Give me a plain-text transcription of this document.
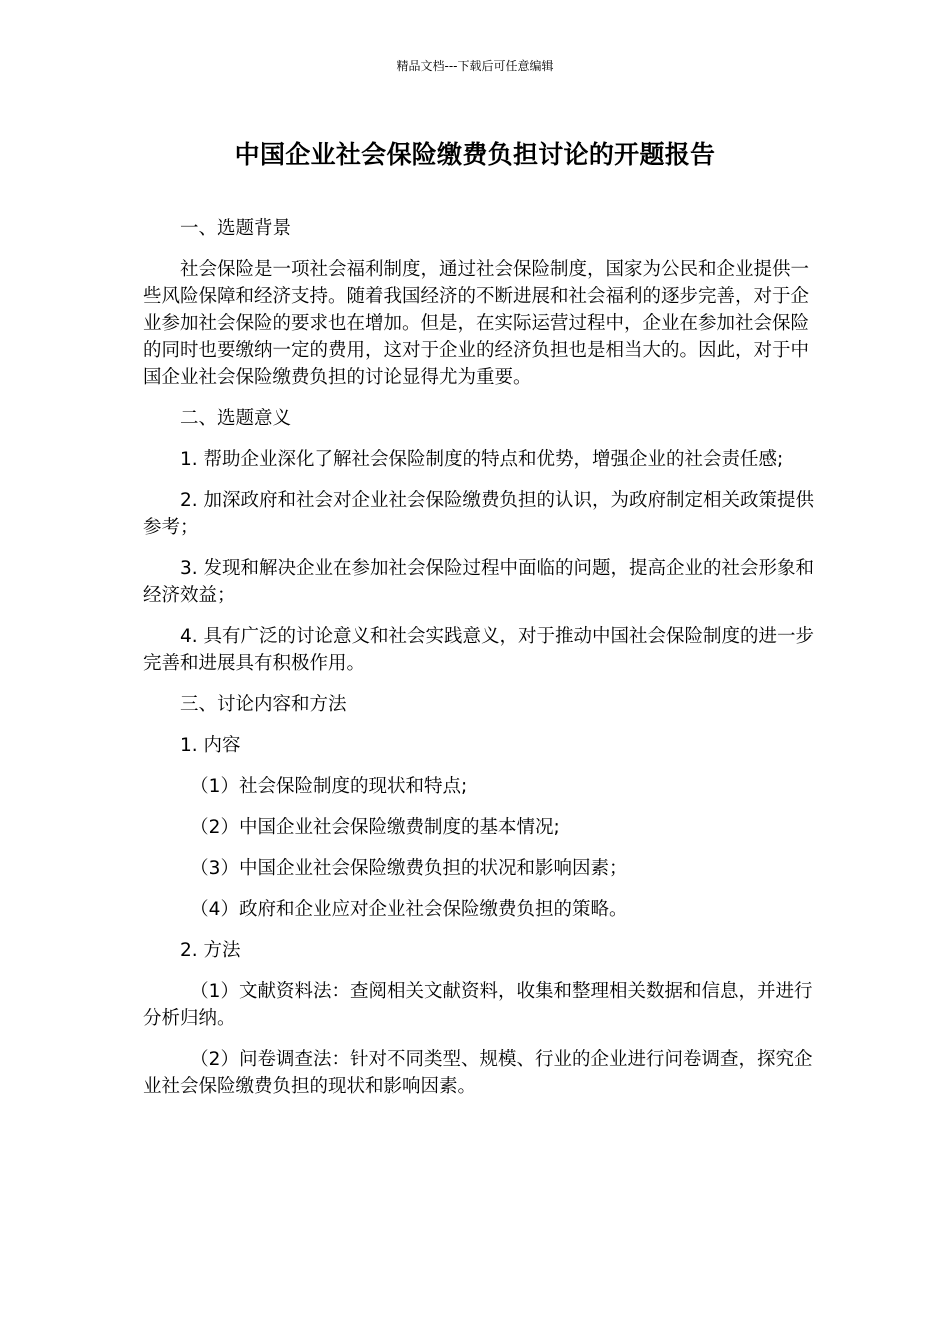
精品文档---下载后可任意编辑
中国企业社会保险缴费负担讨论的开题报告

一、选题背景

社会保险是一项社会福利制度，通过社会保险制度，国家为公民和企业提供一些风险保障和经济支持。随着我国经济的不断进展和社会福利的逐步完善，对于企业参加社会保险的要求也在增加。但是，在实际运营过程中，企业在参加社会保险的同时也要缴纳一定的费用，这对于企业的经济负担也是相当大的。因此，对于中国企业社会保险缴费负担的讨论显得尤为重要。

二、选题意义

1. 帮助企业深化了解社会保险制度的特点和优势，增强企业的社会责任感;

2. 加深政府和社会对企业社会保险缴费负担的认识，为政府制定相关政策提供参考；

3. 发现和解决企业在参加社会保险过程中面临的问题，提高企业的社会形象和经济效益；

4. 具有广泛的讨论意义和社会实践意义，对于推动中国社会保险制度的进一步完善和进展具有积极作用。

三、讨论内容和方法

1. 内容

（1）社会保险制度的现状和特点;

（2）中国企业社会保险缴费制度的基本情况;

（3）中国企业社会保险缴费负担的状况和影响因素；

（4）政府和企业应对企业社会保险缴费负担的策略。

2. 方法

（1）文献资料法：查阅相关文献资料，收集和整理相关数据和信息，并进行分析归纳。

（2）问卷调查法：针对不同类型、规模、行业的企业进行问卷调查，探究企业社会保险缴费负担的现状和影响因素。
